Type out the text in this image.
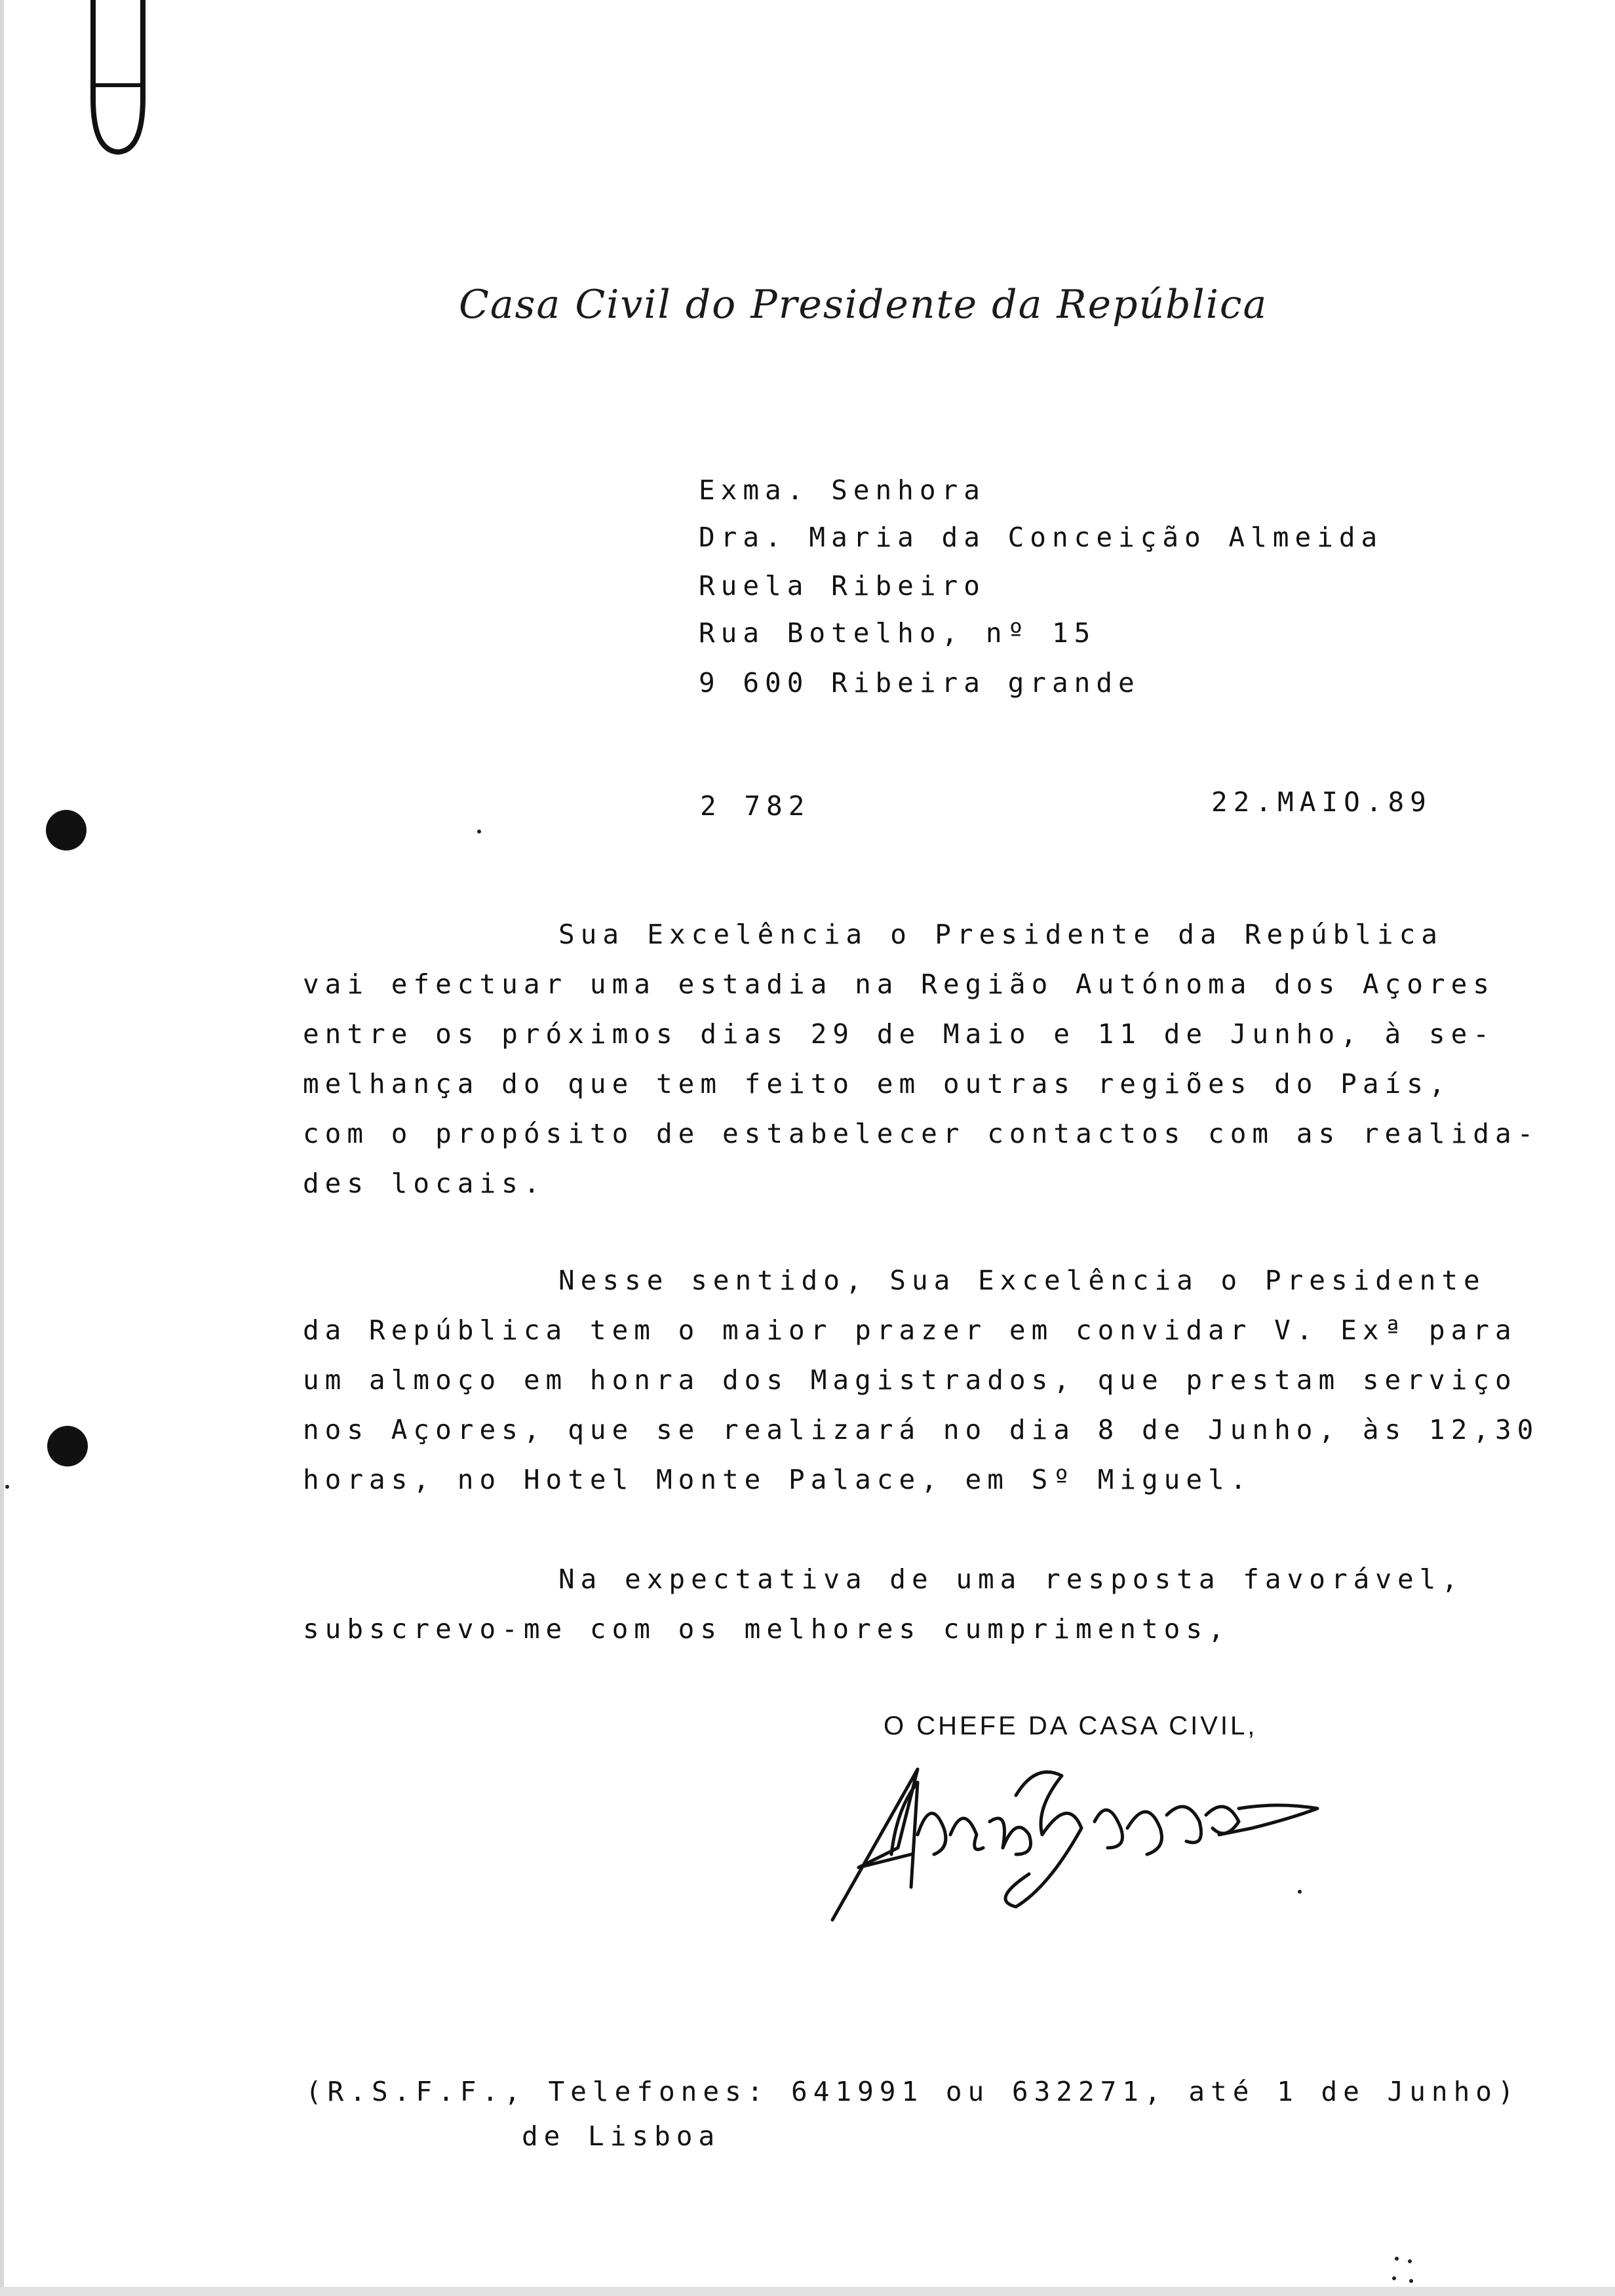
Casa Civil do Presidente da República
Exma. Senhora
Dra. Maria da Conceição Almeida
Ruela Ribeiro
Rua Botelho, nº 15
9 600 Ribeira grande
2 782	22.MAIO.89
Sua Excelência o Presidente da República
vai efectuar uma estadia na Região Autónoma dos Açores
entre os próximos dias 29 de Maio e 11 de Junho, à se-
melhança do que tem feito em outras regiões do País,
com o propósito de estabelecer contactos com as realida-
des locais.
Nesse sentido, Sua Excelência o Presidente
da República tem o maior prazer em convidar V. Exª para
um almoço em honra dos Magistrados, que prestam serviço
nos Açores, que se realizará no dia 8 de Junho, às 12,30
horas, no Hotel Monte Palace, em Sº Miguel.
Na expectativa de uma resposta favorável,
subscrevo-me com os melhores cumprimentos,
O CHEFE DA CASA CIVIL,
(R.S.F.F., Telefones: 641991 ou 632271, até 1 de Junho)
de Lisboa
